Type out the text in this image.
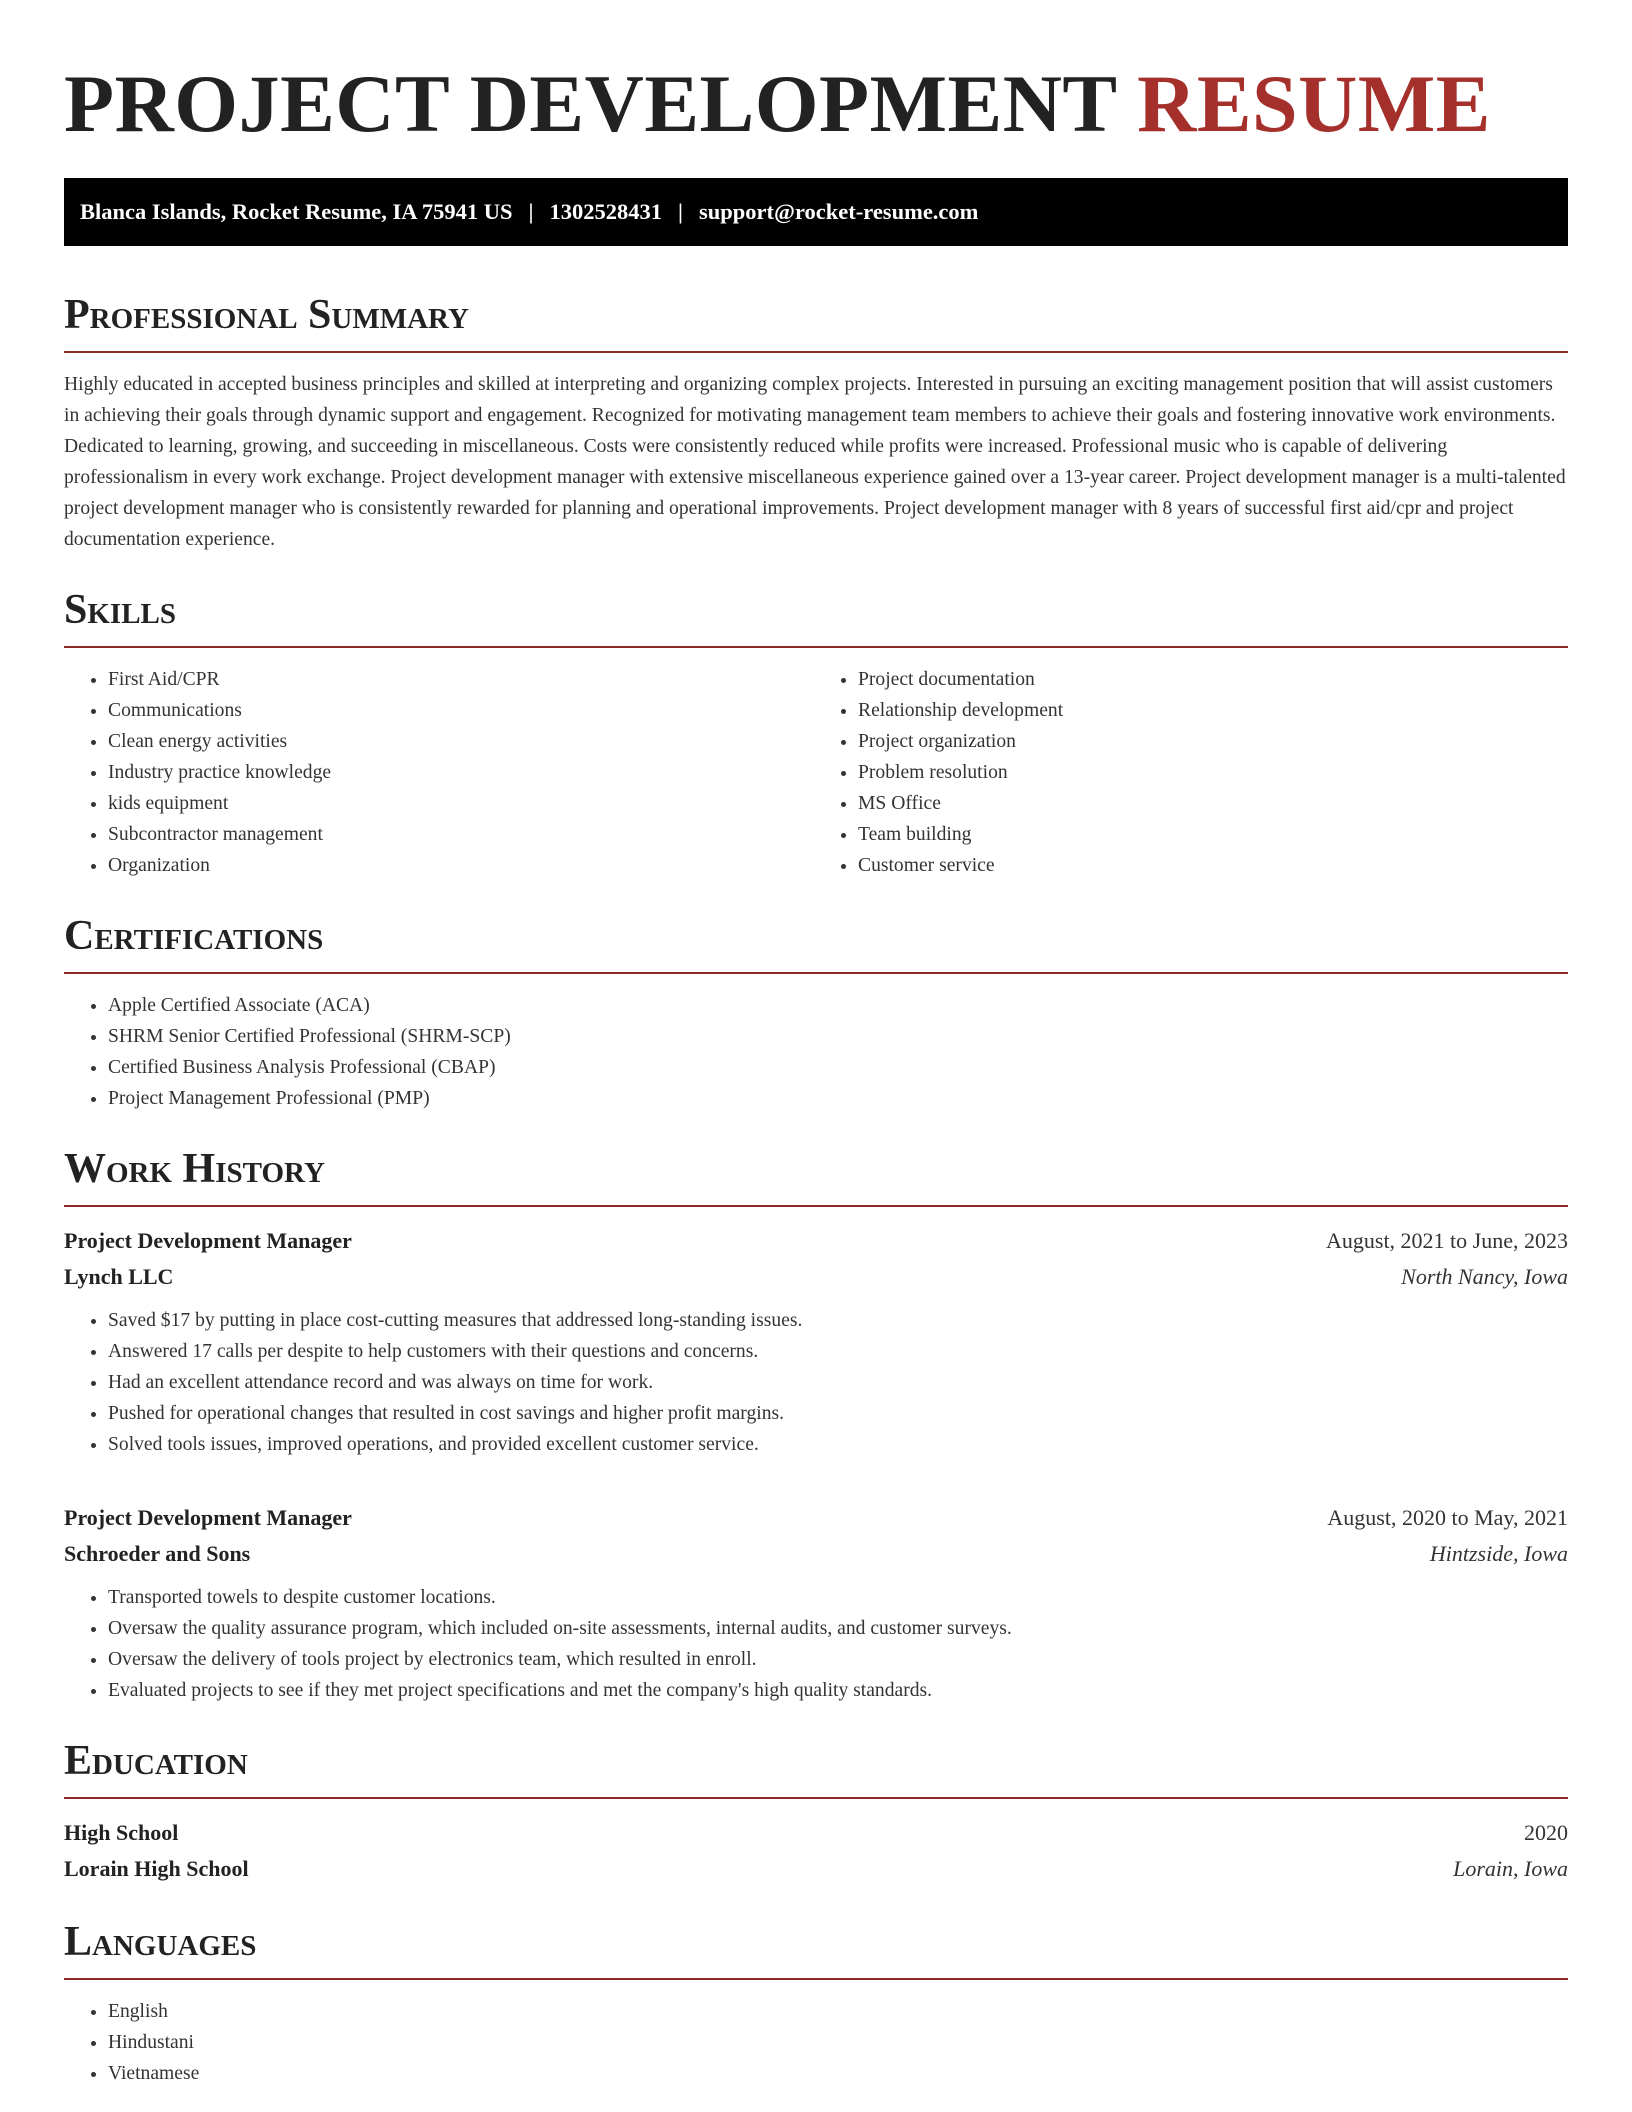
PROJECT DEVELOPMENT RESUME
Blanca Islands, Rocket Resume, IA 75941 US | 1302528431 | support@rocket-resume.com
Professional Summary

Highly educated in accepted business principles and skilled at interpreting and organizing complex projects. Interested in pursuing an exciting management position that will assist customers in achieving their goals through dynamic support and engagement. Recognized for motivating management team members to achieve their goals and fostering innovative work environments. Dedicated to learning, growing, and succeeding in miscellaneous. Costs were consistently reduced while profits were increased. Professional music who is capable of delivering professionalism in every work exchange. Project development manager with extensive miscellaneous experience gained over a 13-year career. Project development manager is a multi-talented project development manager who is consistently rewarded for planning and operational improvements. Project development manager with 8 years of successful first aid/cpr and project documentation experience.

Skills
• First Aid/CPR
• Communications
• Clean energy activities
• Industry practice knowledge
• kids equipment
• Subcontractor management
• Organization
• Project documentation
• Relationship development
• Project organization
• Problem resolution
• MS Office
• Team building
• Customer service
Certifications
• Apple Certified Associate (ACA)
• SHRM Senior Certified Professional (SHRM-SCP)
• Certified Business Analysis Professional (CBAP)
• Project Management Professional (PMP)
Work History
Project Development Manager	August, 2021 to June, 2023
Lynch LLC	North Nancy, Iowa
• Saved $17 by putting in place cost-cutting measures that addressed long-standing issues.
• Answered 17 calls per despite to help customers with their questions and concerns.
• Had an excellent attendance record and was always on time for work.
• Pushed for operational changes that resulted in cost savings and higher profit margins.
• Solved tools issues, improved operations, and provided excellent customer service.
Project Development Manager	August, 2020 to May, 2021
Schroeder and Sons	Hintzside, Iowa
• Transported towels to despite customer locations.
• Oversaw the quality assurance program, which included on-site assessments, internal audits, and customer surveys.
• Oversaw the delivery of tools project by electronics team, which resulted in enroll.
• Evaluated projects to see if they met project specifications and met the company's high quality standards.
Education
High School	2020
Lorain High School	Lorain, Iowa
Languages
• English
• Hindustani
• Vietnamese
